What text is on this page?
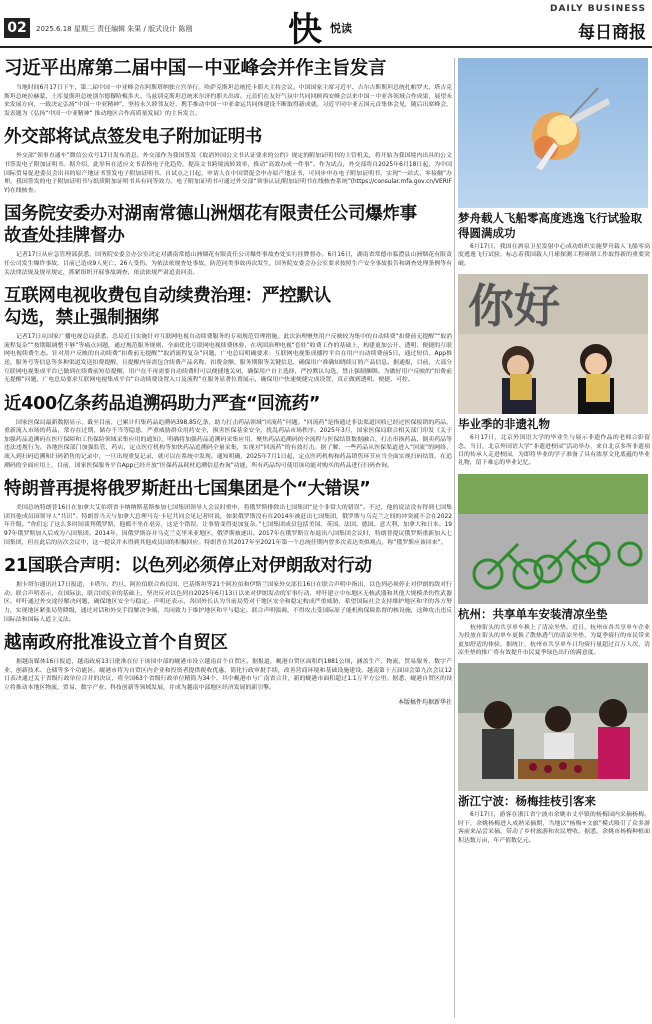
02	2025.6.18 星期三 责任编辑 朱果 / 版式设计 陈刚	快 悦读
DAILY BUSINESS
每日商报
习近平出席第二届中国－中亚峰会并作主旨发言
当地时间6月17日下午，第二届中国－中亚峰会在阿斯塔纳独立宫举行。哈萨克斯坦总统托卡耶夫主持会议。中国国家主席习近平、吉尔吉斯斯坦总统扎帕罗夫、塔吉克斯坦总统拉赫蒙、土库曼斯坦总统别尔德穆哈梅多夫、乌兹别克斯坦总统米尔济约耶夫出席。元首们在友好气氛中共同回顾西安峰会以来中国－中亚各领域合作成果，展望未来发展方向，一致决定弘扬“中国－中亚精神”，坚持永久睦邻友好，携手推动中国－中亚命运共同体建设不断取得新成就。习近平同中亚五国元首集体会见，随后出席峰会，发表题为《弘扬“中国－中亚精神” 推动地区合作高质量发展》的主旨发言。
外交部将试点签发电子附加证明书
外交部“领事直通车”微信公众号17日发布消息，外交部作为我国签发《取消外国公文书认证要求的公约》规定的附加证明书的主管机关，将开始为我国境内出具的公文书签发电子附加证明书。据介绍，此举旨在适应文书表格电子化趋势，提高文书跨境流转效率，推动“高效办成一件事”。作为试点，外交部将自2025年6月18日起，为中国国际贸易促进委员会出具的原产地证书签发电子附加证明书。自试点之日起，申请人在中国贸促会申办原产地证书，可同步申办电子附加证明书，实现“一站式、零接触”办理。我国签发的电子附加证明书与纸质附加证明书具有同等效力。电子附加证明书可通过外交部“领事认证/附加证明书在线核查系统”(https://consular.mfa.gov.cn/VERIFY)在线核查。
国务院安委办对湖南常德山洲烟花有限责任公司爆炸事故查处挂牌督办
记者17日从应急管理部获悉，国务院安委会办公室决定对湖南常德山洲烟花有限责任公司爆炸事故查处实行挂牌督办。6月16日，湖南省常德市临澧县山洲烟花有限责任公司发生爆炸事故，目前已造成9人死亡、26人受伤。为依法依规查处事故，防范同类事故再次发生，国务院安委会办公室要求按照生产安全事故报告和调查处理条例等有关法律法规及规章规定，抓紧组织开展事故调查，依法依规严肃追责问责。
互联网电视收费包自动续费治理：严控默认勾选，禁止强制捆绑
记者17日从国家广播电视总局获悉，总局近日实施针对互联网电视自动续费服务的专项规范管理措施。此次治理聚焦用户反映较为集中的自动续费“扣费前无提醒”“取消流程复杂”“按期限调整不够”等痛点问题，通过规范服务规则、全面优化互联网电视续费体验，在巩固治理电视“套娃”收费工作的基础上，构建更加公开、透明、便捷的互联网电视续费生态。针对用户反映的自动续费“扣费前无提醒”“取消流程复杂”问题，广电总局明确要求：互联网电视集成播控平台在用户自动续费前5日，通过短信、App推送、服务号等信息等多种渠道发送扣费提醒，且提醒内容需包含续费产品名称、扣费金额、服务期限等关键信息，确保用户准确知晓续订的产品信息。据通报，目前，大部分互联网电视集成平台已做到在续费前短信提醒，用户在不再需要自动续费时可以便捷地关闭，确保用户自主选择，严控默认勾选，禁止强制捆绑。为做好用户反映的“扣费前无提醒”问题，广电总局要求互联网电视集成平台“自动续费设置入口及流程”在服务显著位置展示，确保用户快速便捷完成设置，真正做到透明、便捷、可控。
近400亿条药品追溯码助力严查“回流药”
国家医保局最新数据显示，截至目前，已累计归集药品追溯码398.85亿条，助力打击药品领域“回流药”问题。“回流药”是指通过非法渠道回收已经过医保报销的药品，重新流入市场的药品，常存在过期、储存不当等隐患，严重威胁群众用药安全，损害医保基金安全，扰乱药品市场秩序。2025年3月，国家医保局联合相关部门印发《关于加强药品追溯码在医疗保障和工伤保险领域采集应用的通知》，明确将加强药品追溯码采集应用，聚焦药品追溯码的全流程与医保结算数据融合，打击串换药品、倒卖药品等违法违规行为。各地医保部门加强监管，药店、定点医疗机构等加快药品追溯码全量采集，实现对“回流药”的有效打击。据了解，一些药品从医保渠道进入“回流”的网络，流入到扫码追溯和扫码销售的记录中，一旦出现重复记录，就可以在系统中发现。通知明确，2025年7月1日起，定点医药机构和药品销售环节应当全面实现扫码结算。在追溯码的全面应用上，目前，国家医保服务平台App已经开放“医保药品耗材追溯信息查询”功能，所有药品均可使用该功能对购买的药品进行扫码查询。
特朗普再提将俄罗斯赶出七国集团是个“大错误”
美国总统特朗普16日在加拿大艾伯塔省卡纳纳斯基斯参加七国集团领导人会议时重申，将俄罗斯排除出七国集团“是个非常大的错误”。不过，他的说法没有得到七国集团其他成员国领导人“共识”。特朗普当天与加拿大总理马克·卡尼共同会见记者时说，如果俄罗斯没有在2014年被赶出七国集团，俄罗斯与乌克兰之间的冲突就不会在2022年升级。“你们忘了这么多时间谈判俄罗斯，他都不坐在桌旁，这是个错误，让事情变得更加复杂。”七国集团成员包括美国、英国、法国、德国、意大利、加拿大和日本。1997年俄罗斯加入后成为八国集团。2014年，因俄罗斯吞并乌克兰克里米亚地区，俄罗斯被逐出。2017年在俄罗斯宣布退出八国集团会议时，特朗普提议俄罗斯重新加入七国集团，但在此后的历次会议中，这一提议并未得到其他成员国的积极回应。特朗普在其2017年至2021年第一个总统任期内曾多次表达类似观点，称“俄罗斯应该回来”。
21国联合声明：以色列必须停止对伊朗敌对行动
据卡塔尔通讯社17日报道，卡塔尔、约旦、阿拉伯联合酋长国、巴基斯坦等21个阿拉伯和伊斯兰国家外交部长16日在联合声明中指出，以色列必须停止对伊朗的敌对行动。联合声明表示，在国际法、联合国宪章的基础上，坚决反对以色列自2025年6月13日以来对伊朗发动的军事行动，呼吁建立中东地区无核武器和其他大规模杀伤性武器区，呼吁通过外交途径解决问题，确保地区安全与稳定。声明还表示，各国外长认为当前局势对于地区安全和稳定构成严重威胁，希望国际社会支持维护地区和平的各方努力，实现地区紧张局势降级，通过对话和外交手段解决争端，共同致力于维护地区和平与稳定。联合声明强调，不得攻击受国际原子能机构保障监督的核设施，这种攻击违反国际法和国际人道主义法。
越南政府批准设立首个自贸区
据越南媒体16日报道，越南政府13日批准在位于该国中部的岘港市设立越南首个自贸区。据报道，岘港自贸区面积约1881公顷，涵盖生产、物流、贸易服务、数字产业、创新技术、仓储等多个功能区。岘港市将为自贸区内企业和投资者提供税收优惠，简化行政审批手续，改善营商环境和基础设施建设。越南第十五届国会第九次会议12日表决通过关于省级行政单位合并的决议，将全国63个省级行政单位精简为34个，其中岘港市与广南省合并，新的岘港市面积超过1.1万平方公里。据悉，岘港自贸区的设立将推动本地区物流、贸易、数字产业、科技创新等领域发展，并成为越南中部地区经济发展的新引擎。
本版稿件均据新华社
梦舟载人飞船零高度逃逸飞行试验取得圆满成功
6月17日，我国在酒泉卫星发射中心成功组织实施梦舟载人飞船零高度逃逸飞行试验，标志着我国载人月球探测工程研制工作取得新的重要突破。
你好
毕业季的非遗礼物
6月17日，北京外国语大学的毕业生与展示非遗作品的老师合影留念。当日，北京外国语大学“非遗进校园”活动举办，来自北京多所非遗项目的传承人走进校园，为即将毕业的学子准备了具有浓厚文化底蕴的毕业礼物，留下难忘的毕业记忆。
杭州：共享单车安装清凉坐垫
杭州街头的共享单车换上了清凉坐垫。近日，杭州市各共享单车企业为投放在街头的单车更换了散热透气的清凉坐垫，为夏季骑行的市民带来更加舒适的体验。据统计，杭州市共享单车日均骑行量超过百万人次，清凉坐垫的推广将有效提升市民夏季绿色出行的满意度。
浙江宁波：杨梅挂枝引客来
6月17日，游客在浙江省宁波市余姚市丈亭镇的杨梅园内采摘杨梅。时下，余姚杨梅进入成熟采摘期，当地以“杨梅+文旅”模式吸引了众多游客前来品尝采摘，带动了乡村旅游和农民增收。据悉，余姚市杨梅种植面积达数万亩，年产值数亿元。
